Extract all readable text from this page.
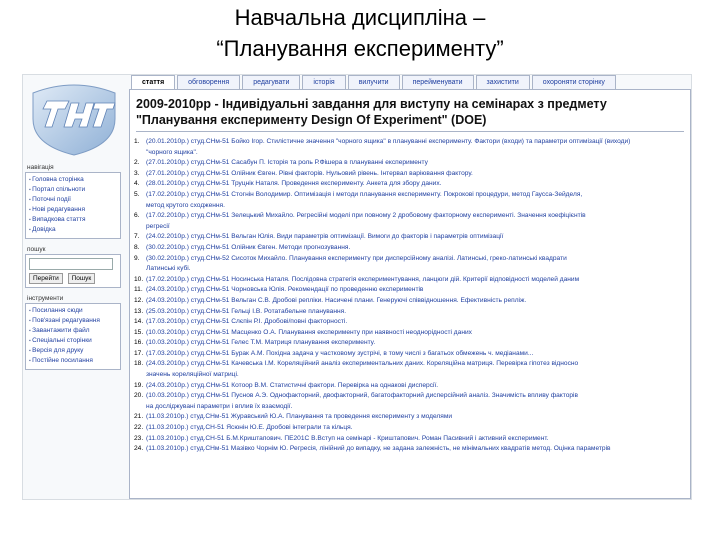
Навчальна дисципліна –
“Планування експерименту”
стаття	обговорення	редагувати	історія	вилучити	перейменувати	захистити	охороняти сторінку
навігація
▪ Головна сторінка
▪ Портал спільноти
▪ Поточні події
▪ Нові редагування
▪ Випадкова стаття
▪ Довідка
пошук
Перейти Пошук
інструменти
▪ Посилання сюди
▪ Пов'язані редагування
▪ Завантажити файл
▪ Спеціальні сторінки
▪ Версія для друку
▪ Постійне посилання
2009-2010рр - Індивідуальні завдання для виступу на семінарах з предмету
"Планування експерименту Design Of Experiment" (DOE)
1. (20.01.2010р.) студ.СНм-51 Бойко Ігор. Стилістичне значення "чорного ящика" в плануванні експерименту. Фактори (входи) та параметри оптимізації (виходи)
"чорного ящика".
2. (27.01.2010р.) студ.СНм-51 Сасабун П. Історія та роль Р.Фішера в плануванні експерименту
3. (27.01.2010р.) студ.СНм-51 Олійник Євген. Рівні факторів. Нульовий рівень. Інтервал варіювання фактору.
4. (28.01.2010р.) студ.СНм-51 Труцнік Наталя. Проведення експерименту. Анкета для збору даних.
5. (17.02.2010р.) студ.СНм-51 Стогнін Володимир. Оптимізація і методи планування експерименту. Покрокові процедури, метод Гаусса-Зейделя,
метод крутого сходження.
6. (17.02.2010р.) студ.СНм-51 Зелецький Михайло. Регресійні моделі при повному 2 дробовому факторному експерименті. Значення коефіцієнтів
регресії
7. (24.02.2010р.) студ.СНм-51 Вельган Юлія. Види параметрів оптимізації. Вимоги до факторів і параметрів оптимізації
8. (30.02.2010р.) студ.СНм-51 Олійник Євген. Методи прогнозування.
9. (30.02.2010р.) студ.СНм-52 Сисоток Михайло. Планування експерименту при дисперсійному аналізі. Латинські, греко-латинські квадрати
Латинські кубі.
10. (17.02.2010р.) студ.СНм-51 Носинська Наталя. Послідовна стратегія експериментування, ланцюги дій. Критерії відповідності моделей даним
11. (24.03.2010р.) студ.СНм-51 Чорновська Юлія. Рекомендації по проведенню експериментів
12. (24.03.2010р.) студ.СНм-51 Вельган С.В. Дробові репліки. Насичені плани. Генеруючі співвідношення. Ефективність репліж.
13. (25.03.2010р.) студ.СНм-51 Гельці І.В. Ротатабельне планування.
14. (17.03.2010р.) студ.СНм-51 Слєпін Р.І. Дробові/повні факторності.
15. (10.03.2010р.) студ.СНм-51 Масценко О.А. Планування експерименту при наявності неоднорідності даних
16. (10.03.2010р.) студ.СНм-51 Гелес Т.М. Матриця планування експерименту.
17. (17.03.2010р.) студ.СНм-51 Бурак А.М. Похідна задача у частковому зустрічі, в тому числі з багатьох обмежень ч. медіанами...
18. (24.03.2010р.) студ.СНм-51 Качевська І.М. Кореляційний аналіз експериментальних даних. Кореляційна матриця. Перевірка гіпотез відносно
значень кореляційної матриці.
19. (24.03.2010р.) студ.СНм-51 Котоор В.М. Статистичні фактори. Перевірка на однакові дисперсії.
20. (10.03.2010р.) студ.СНм-51 Пуснов А.Э. Однофакторний, двофакторний, багатофакторний дисперсійний аналіз. Значимість впливу факторів
на досліджувані параметри і вплив їх взаємодії.
21. (11.03.2010р.) студ.СНм-51 Журавський Ю.А. Планування та проведення експерименту з моделями
22. (11.03.2010р.) студ.СН-51 Ясюнін Ю.Е. Дробові інтеграли та кільця.
23. (11.03.2010р.) студ.СН-51 Б.М.Криштапович. ПЕ201С В.Вступ на семінарі - Криштапович. Роман Пасивний і активний експеримент.
24. (11.03.2010р.) студ.СНм-51 Мазівко Чорнім Ю. Регресія, лінійний до випадку, не задана залежність, не мінімальних квадратів метод. Оцінка параметрів
